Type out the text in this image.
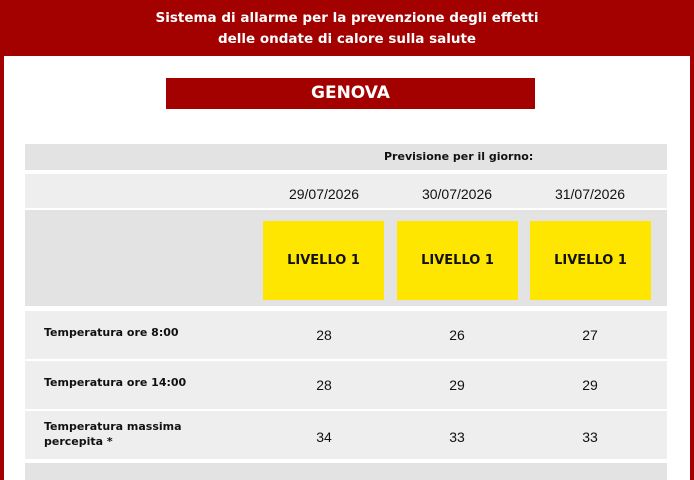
Sistema di allarme per la prevenzione degli effetti
delle ondate di calore sulla salute
GENOVA
Previsione per il giorno:
29/07/2026	30/07/2026	31/07/2026
LIVELLO 1	LIVELLO 1	LIVELLO 1
Temperatura ore 8:00	28	26	27
Temperatura ore 14:00	28	29	29
Temperatura massima
percepita *	34	33	33
